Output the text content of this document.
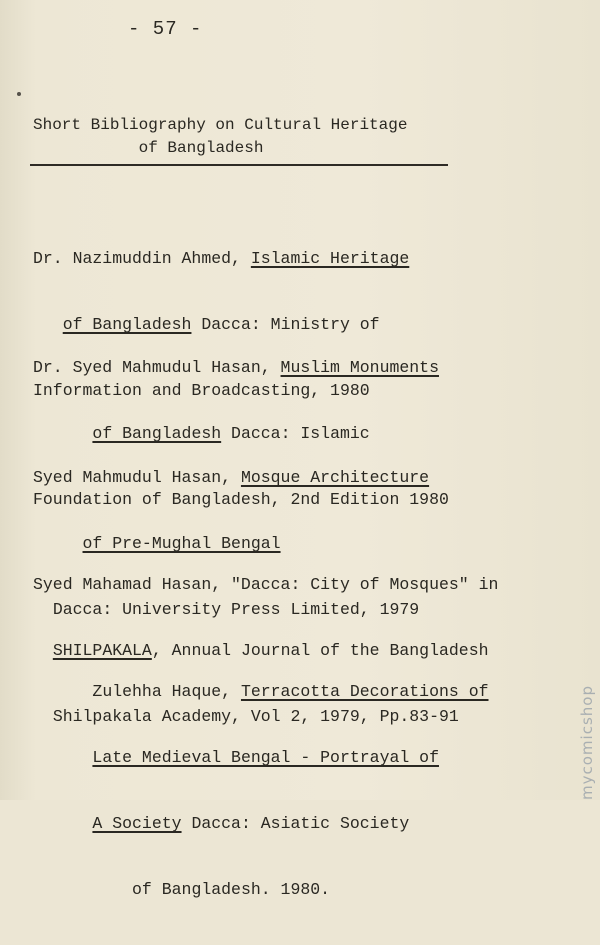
- 57 -
Short Bibliography on Cultural Heritage
of Bangladesh

Dr. Nazimuddin Ahmed, Islamic Heritage

of Bangladesh Dacca: Ministry of

Information and Broadcasting, 1980

Dr. Syed Mahmudul Hasan, Muslim Monuments

of Bangladesh Dacca: Islamic

Foundation of Bangladesh, 2nd Edition 1980

Syed Mahmudul Hasan, Mosque Architecture

of Pre-Mughal Bengal

Dacca: University Press Limited, 1979

Syed Mahamad Hasan, "Dacca: City of Mosques" in

SHILPAKALA, Annual Journal of the Bangladesh

Shilpakala Academy, Vol 2, 1979, Pp.83-91

Zulehha Haque, Terracotta Decorations of

Late Medieval Bengal - Portrayal of

A Society Dacca: Asiatic Society

of Bangladesh. 1980.

mycomicshop
